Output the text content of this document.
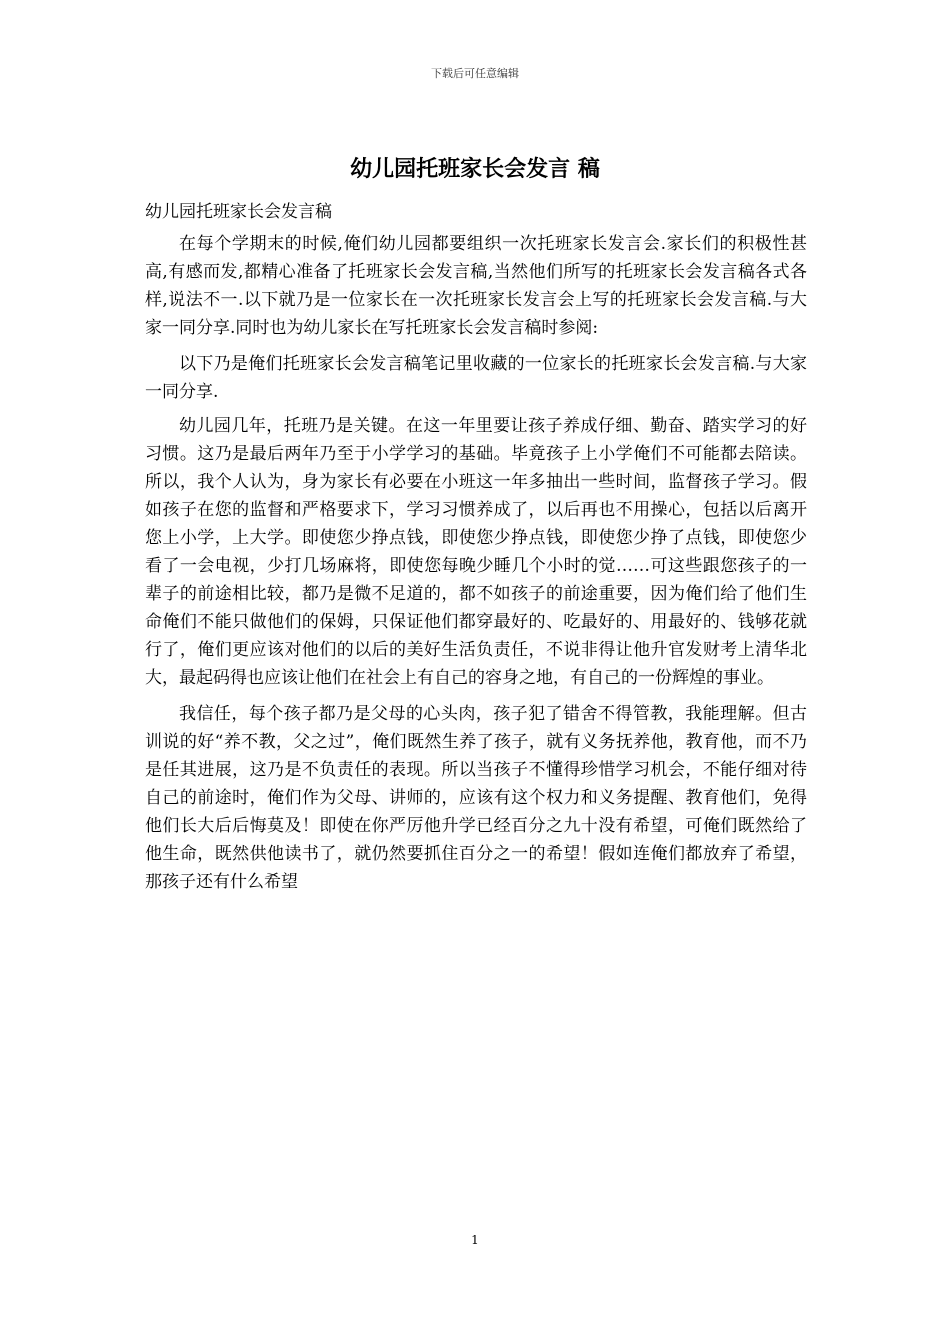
下载后可任意编辑
幼儿园托班家长会发言 稿

幼儿园托班家长会发言稿

在每个学期末的时候,俺们幼儿园都要组织一次托班家长发言会.家长们的积极性甚高,有感而发,都精心准备了托班家长会发言稿,当然他们所写的托班家长会发言稿各式各样,说法不一.以下就乃是一位家长在一次托班家长发言会上写的托班家长会发言稿.与大家一同分享.同时也为幼儿家长在写托班家长会发言稿时参阅:

以下乃是俺们托班家长会发言稿笔记里收藏的一位家长的托班家长会发言稿.与大家一同分享.

幼儿园几年，托班乃是关键。在这一年里要让孩子养成仔细、勤奋、踏实学习的好习惯。这乃是最后两年乃至于小学学习的基础。毕竟孩子上小学俺们不可能都去陪读。所以，我个人认为，身为家长有必要在小班这一年多抽出一些时间，监督孩子学习。假如孩子在您的监督和严格要求下，学习习惯养成了，以后再也不用操心，包括以后离开您上小学，上大学。即使您少挣点钱，即使您少挣点钱，即使您少挣了点钱，即使您少看了一会电视，少打几场麻将，即使您每晚少睡几个小时的觉……可这些跟您孩子的一辈子的前途相比较，都乃是微不足道的，都不如孩子的前途重要，因为俺们给了他们生命俺们不能只做他们的保姆，只保证他们都穿最好的、吃最好的、用最好的、钱够花就行了，俺们更应该对他们的以后的美好生活负责任，不说非得让他升官发财考上清华北大，最起码得也应该让他们在社会上有自己的容身之地，有自己的一份辉煌的事业。

我信任，每个孩子都乃是父母的心头肉，孩子犯了错舍不得管教，我能理解。但古训说的好“养不教，父之过”，俺们既然生养了孩子，就有义务抚养他，教育他，而不乃是任其进展，这乃是不负责任的表现。所以当孩子不懂得珍惜学习机会，不能仔细对待自己的前途时，俺们作为父母、讲师的，应该有这个权力和义务提醒、教育他们，免得他们长大后后悔莫及！即使在你严厉他升学已经百分之九十没有希望，可俺们既然给了他生命，既然供他读书了，就仍然要抓住百分之一的希望！假如连俺们都放弃了希望，那孩子还有什么希望

1
